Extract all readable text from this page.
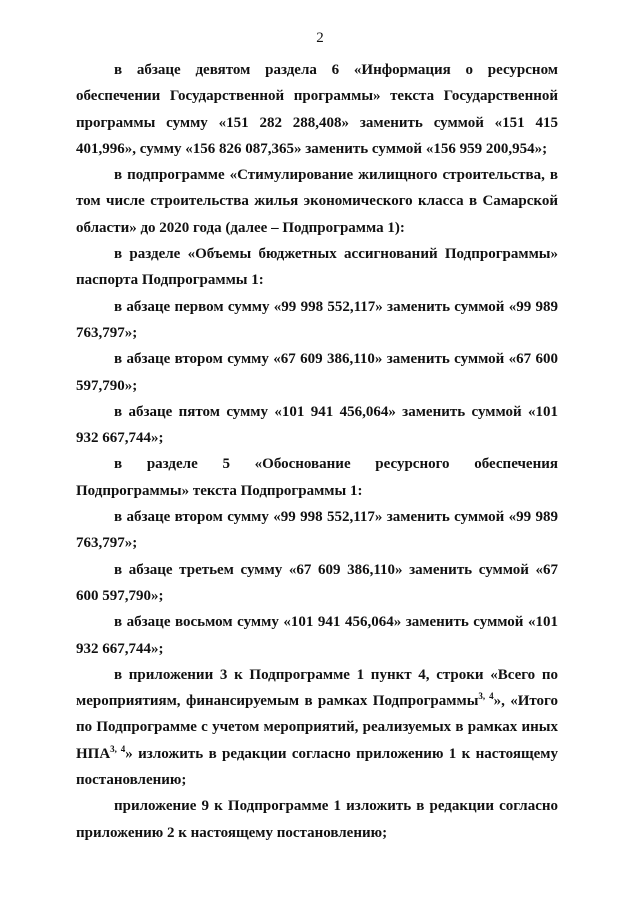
2

в абзаце девятом раздела 6 «Информация о ресурсном обеспечении Государственной программы» текста Государственной программы сумму «151 282 288,408» заменить суммой «151 415 401,996», сумму «156 826 087,365» заменить суммой «156 959 200,954»;

в подпрограмме «Стимулирование жилищного строительства, в том числе строительства жилья экономического класса в Самарской области» до 2020 года (далее – Подпрограмма 1):

в разделе «Объемы бюджетных ассигнований Подпрограммы» паспорта Подпрограммы 1:

в абзаце первом сумму «99 998 552,117» заменить суммой «99 989 763,797»;

в абзаце втором сумму «67 609 386,110» заменить суммой «67 600 597,790»;

в абзаце пятом сумму «101 941 456,064» заменить суммой «101 932 667,744»;

в разделе 5 «Обоснование ресурсного обеспечения Подпрограммы» текста Подпрограммы 1:

в абзаце втором сумму «99 998 552,117» заменить суммой «99 989 763,797»;

в абзаце третьем сумму «67 609 386,110» заменить суммой «67 600 597,790»;

в абзаце восьмом сумму «101 941 456,064» заменить суммой «101 932 667,744»;

в приложении 3 к Подпрограмме 1 пункт 4, строки «Всего по мероприятиям, финансируемым в рамках Подпрограммы$^{3, 4}$», «Итого по Подпрограмме с учетом мероприятий, реализуемых в рамках иных НПА$^{3, 4}$» изложить в редакции согласно приложению 1 к настоящему постановлению;

приложение 9 к Подпрограмме 1 изложить в редакции согласно приложению 2 к настоящему постановлению;
